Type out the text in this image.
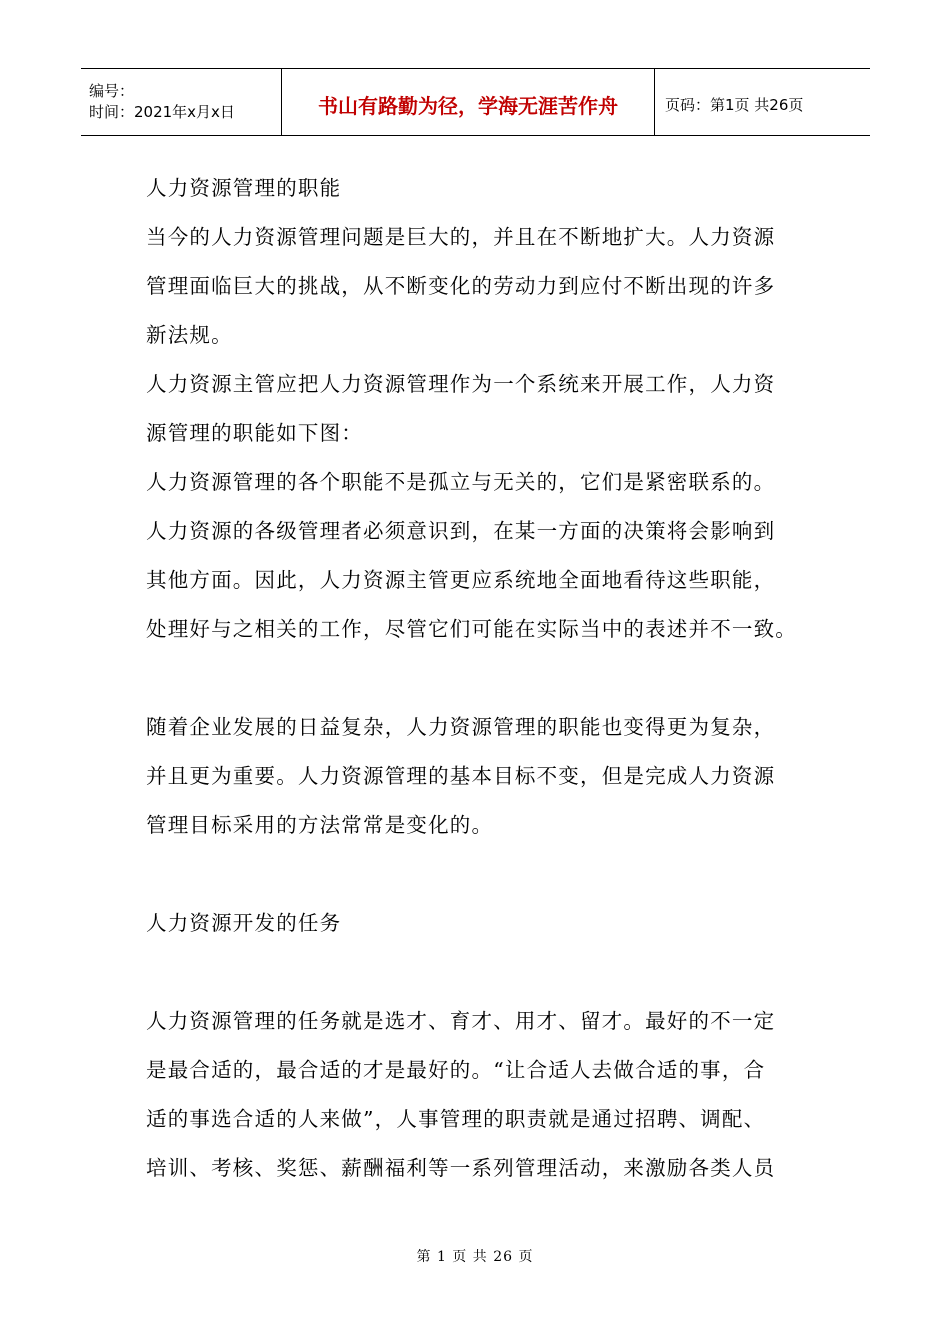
编号：
时间：2021年x月x日	书山有路勤为径，学海无涯苦作舟	页码：第1页 共26页

人力资源管理的职能

当今的人力资源管理问题是巨大的，并且在不断地扩大。人力资源

管理面临巨大的挑战，从不断变化的劳动力到应付不断出现的许多

新法规。

人力资源主管应把人力资源管理作为一个系统来开展工作，人力资

源管理的职能如下图：

人力资源管理的各个职能不是孤立与无关的，它们是紧密联系的。

人力资源的各级管理者必须意识到，在某一方面的决策将会影响到

其他方面。因此，人力资源主管更应系统地全面地看待这些职能，

处理好与之相关的工作，尽管它们可能在实际当中的表述并不一致。

随着企业发展的日益复杂，人力资源管理的职能也变得更为复杂，

并且更为重要。人力资源管理的基本目标不变，但是完成人力资源

管理目标采用的方法常常是变化的。

人力资源开发的任务

人力资源管理的任务就是选才、育才、用才、留才。最好的不一定

是最合适的，最合适的才是最好的。“让合适人去做合适的事，合

适的事选合适的人来做”，人事管理的职责就是通过招聘、调配、

培训、考核、奖惩、薪酬福利等一系列管理活动，来激励各类人员

第 1 页 共 26 页
